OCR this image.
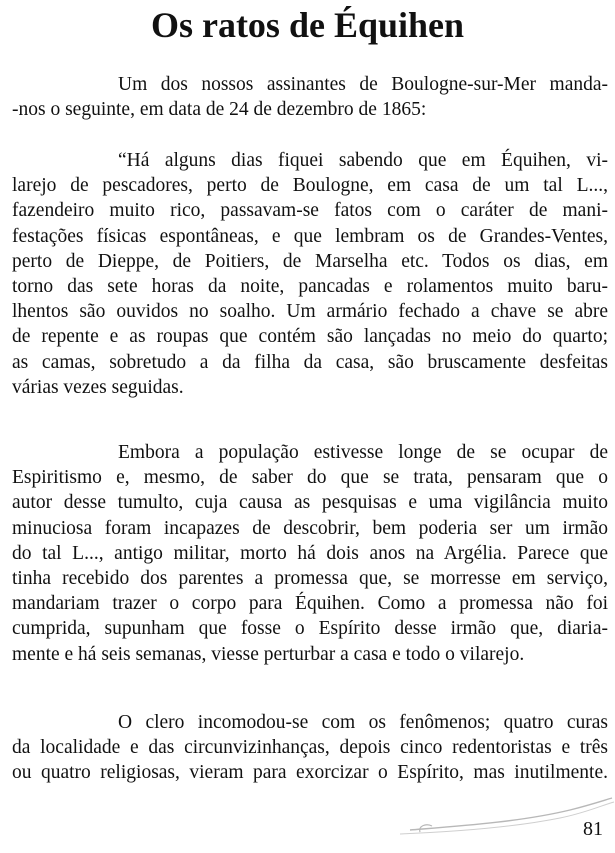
Os ratos de Équihen

Um dos nossos assinantes de Boulogne-sur-Mer manda-
-nos o seguinte, em data de 24 de dezembro de 1865:

“Há alguns dias fiquei sabendo que em Équihen, vi-
larejo de pescadores, perto de Boulogne, em casa de um tal L...,
fazendeiro muito rico, passavam-se fatos com o caráter de mani-
festações físicas espontâneas, e que lembram os de Grandes-Ventes,
perto de Dieppe, de Poitiers, de Marselha etc. Todos os dias, em
torno das sete horas da noite, pancadas e rolamentos muito baru-
lhentos são ouvidos no soalho. Um armário fechado a chave se abre
de repente e as roupas que contém são lançadas no meio do quarto;
as camas, sobretudo a da filha da casa, são bruscamente desfeitas
várias vezes seguidas.

Embora a população estivesse longe de se ocupar de
Espiritismo e, mesmo, de saber do que se trata, pensaram que o
autor desse tumulto, cuja causa as pesquisas e uma vigilância muito
minuciosa foram incapazes de descobrir, bem poderia ser um irmão
do tal L..., antigo militar, morto há dois anos na Argélia. Parece que
tinha recebido dos parentes a promessa que, se morresse em serviço,
mandariam trazer o corpo para Équihen. Como a promessa não foi
cumprida, supunham que fosse o Espírito desse irmão que, diaria-
mente e há seis semanas, viesse perturbar a casa e todo o vilarejo.

O clero incomodou-se com os fenômenos; quatro curas
da localidade e das circunvizinhanças, depois cinco redentoristas e três
ou quatro religiosas, vieram para exorcizar o Espírito, mas inutilmente.

81
